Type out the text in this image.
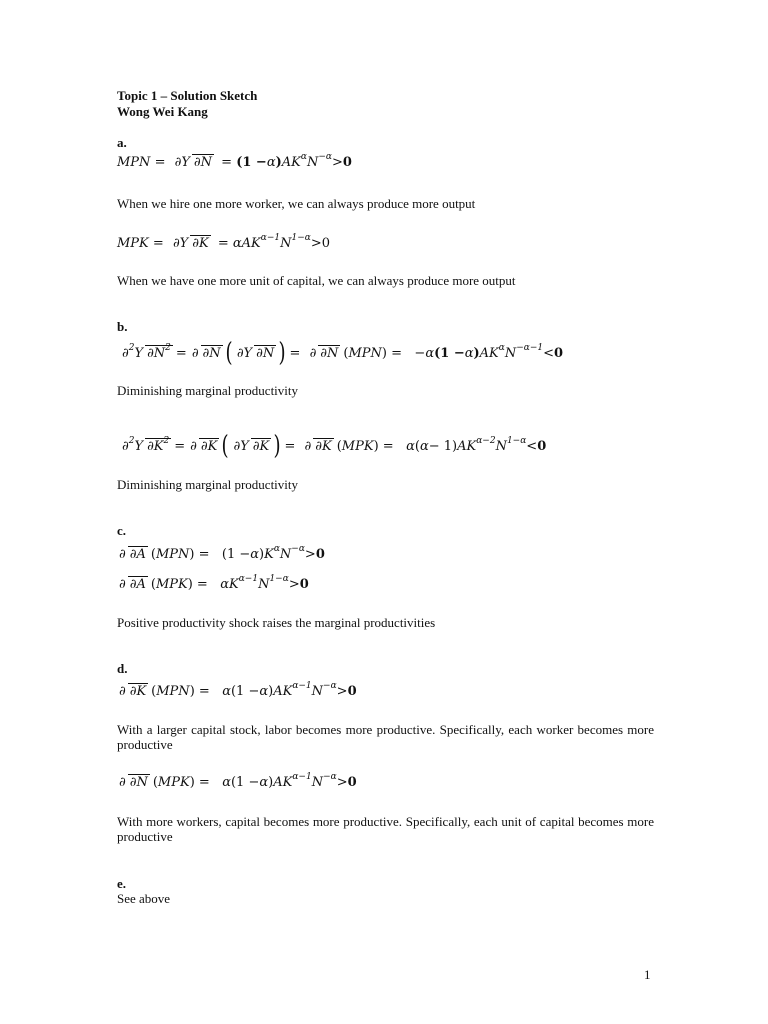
Topic 1 – Solution Sketch
Wong Wei Kang
a.
MPN = ∂Y $\partial N = (1 -\alpha)AK^\alpha N^{-\alpha}>0$
When we hire one more worker, we can always produce more output
MPK = ∂Y $\partial K = \alpha AK^{\alpha-1}N^{1-\alpha}>0$
When we have one more unit of capital, we can always produce more output
b.
∂$^2$Y $\partial N^2$ = ∂ ∂N ( ∂Y ∂N ) = ∂ ∂N $(MPN) = -\alpha(1 -\alpha)AK^\alpha N^{-\alpha-1}<0$
Diminishing marginal productivity
∂$^2$Y $\partial K^2$ = ∂ ∂K ( ∂Y ∂K ) = ∂ ∂K $(MPK) = \alpha(\alpha- 1)AK^{\alpha-2}N^{1-\alpha}<0$
Diminishing marginal productivity
c.
∂ ∂A $(MPN) = (1 -\alpha)K^\alpha N^{-\alpha}>0$
∂ ∂A $(MPK) = \alpha K^{\alpha-1}N^{1-\alpha}>0$
Positive productivity shock raises the marginal productivities
d.
∂ ∂K $(MPN) = \alpha(1 -\alpha)AK^{\alpha-1}N^{-\alpha}>0$
With a larger capital stock, labor becomes more productive. Specifically, each worker becomes more productive
∂ ∂N $(MPK) = \alpha(1 -\alpha)AK^{\alpha-1}N^{-\alpha}>0$
With more workers, capital becomes more productive. Specifically, each unit of capital becomes more productive
e.
See above
1
